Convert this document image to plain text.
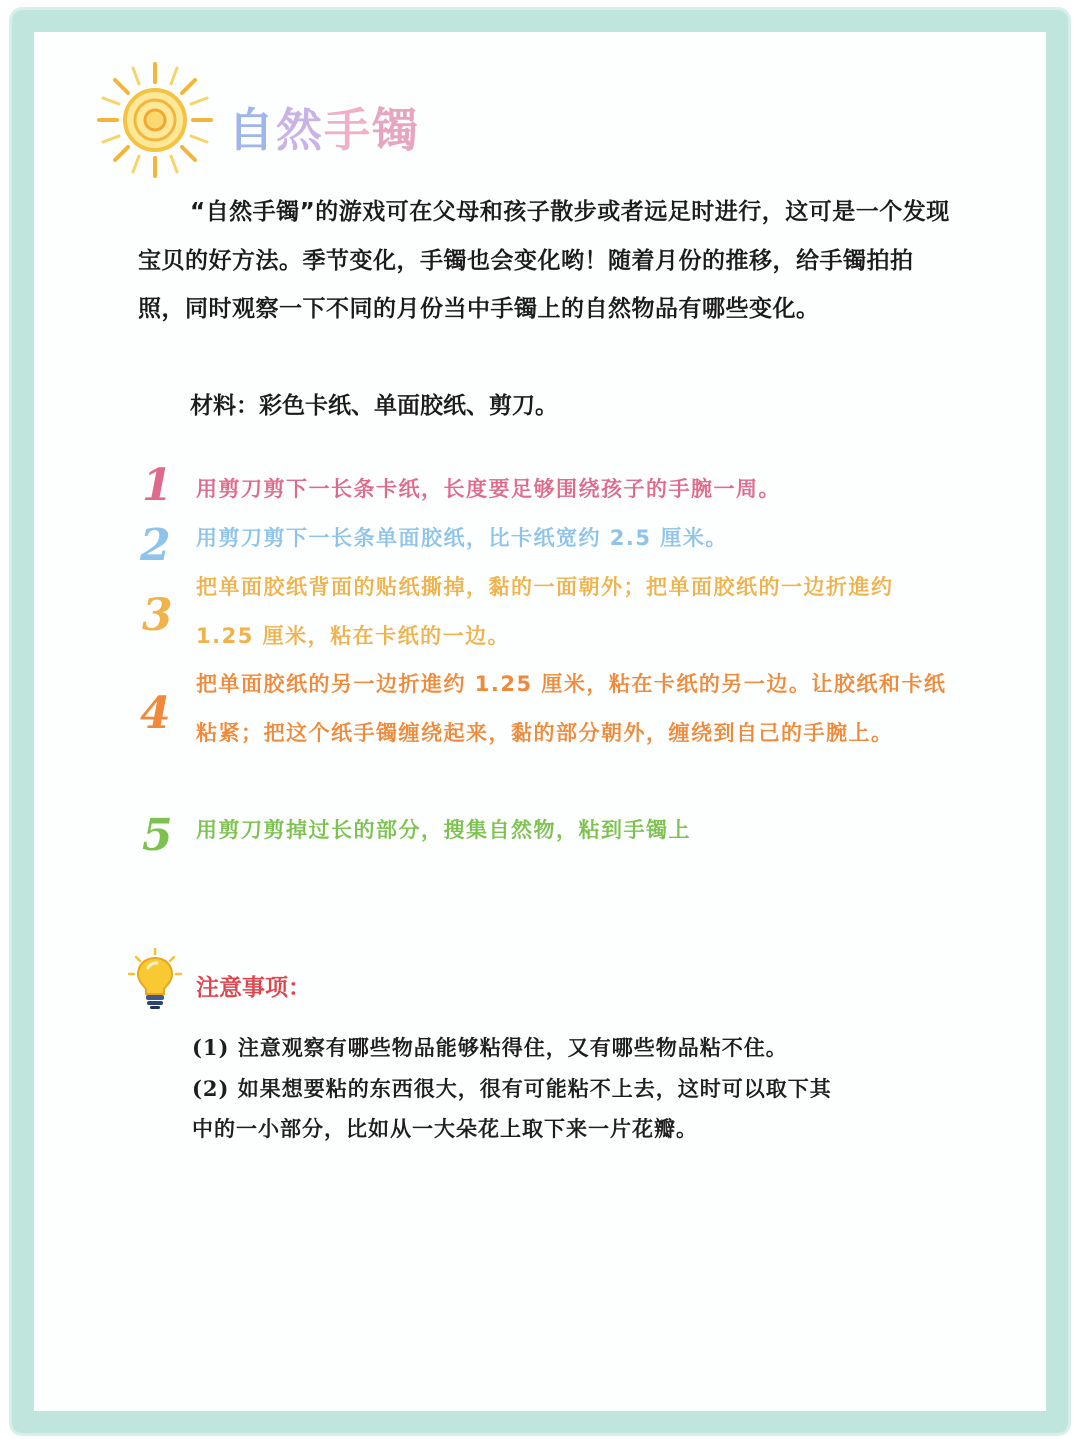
自然手镯
“自然手镯”的游戏可在父母和孩子散步或者远足时进行，这可是一个发现宝贝的好方法。季节变化，手镯也会变化哟！随着月份的推移，给手镯拍拍照，同时观察一下不同的月份当中手镯上的自然物品有哪些变化。
材料：彩色卡纸、单面胶纸、剪刀。
1 用剪刀剪下一长条卡纸，长度要足够围绕孩子的手腕一周。
2 用剪刀剪下一长条单面胶纸，比卡纸宽约 2.5 厘米。
3
把单面胶纸背面的贴纸撕掉，黏的一面朝外；把单面胶纸的一边折進约 1.25 厘米，粘在卡纸的一边。
4
把单面胶纸的另一边折進约 1.25 厘米，粘在卡纸的另一边。让胶纸和卡纸粘紧；把这个纸手镯缠绕起来，黏的部分朝外，缠绕到自己的手腕上。
5 用剪刀剪掉过长的部分，搜集自然物，粘到手镯上
注意事项：
(1) 注意观察有哪些物品能够粘得住，又有哪些物品粘不住。
(2) 如果想要粘的东西很大，很有可能粘不上去，这时可以取下其中的一小部分，比如从一大朵花上取下来一片花瓣。
